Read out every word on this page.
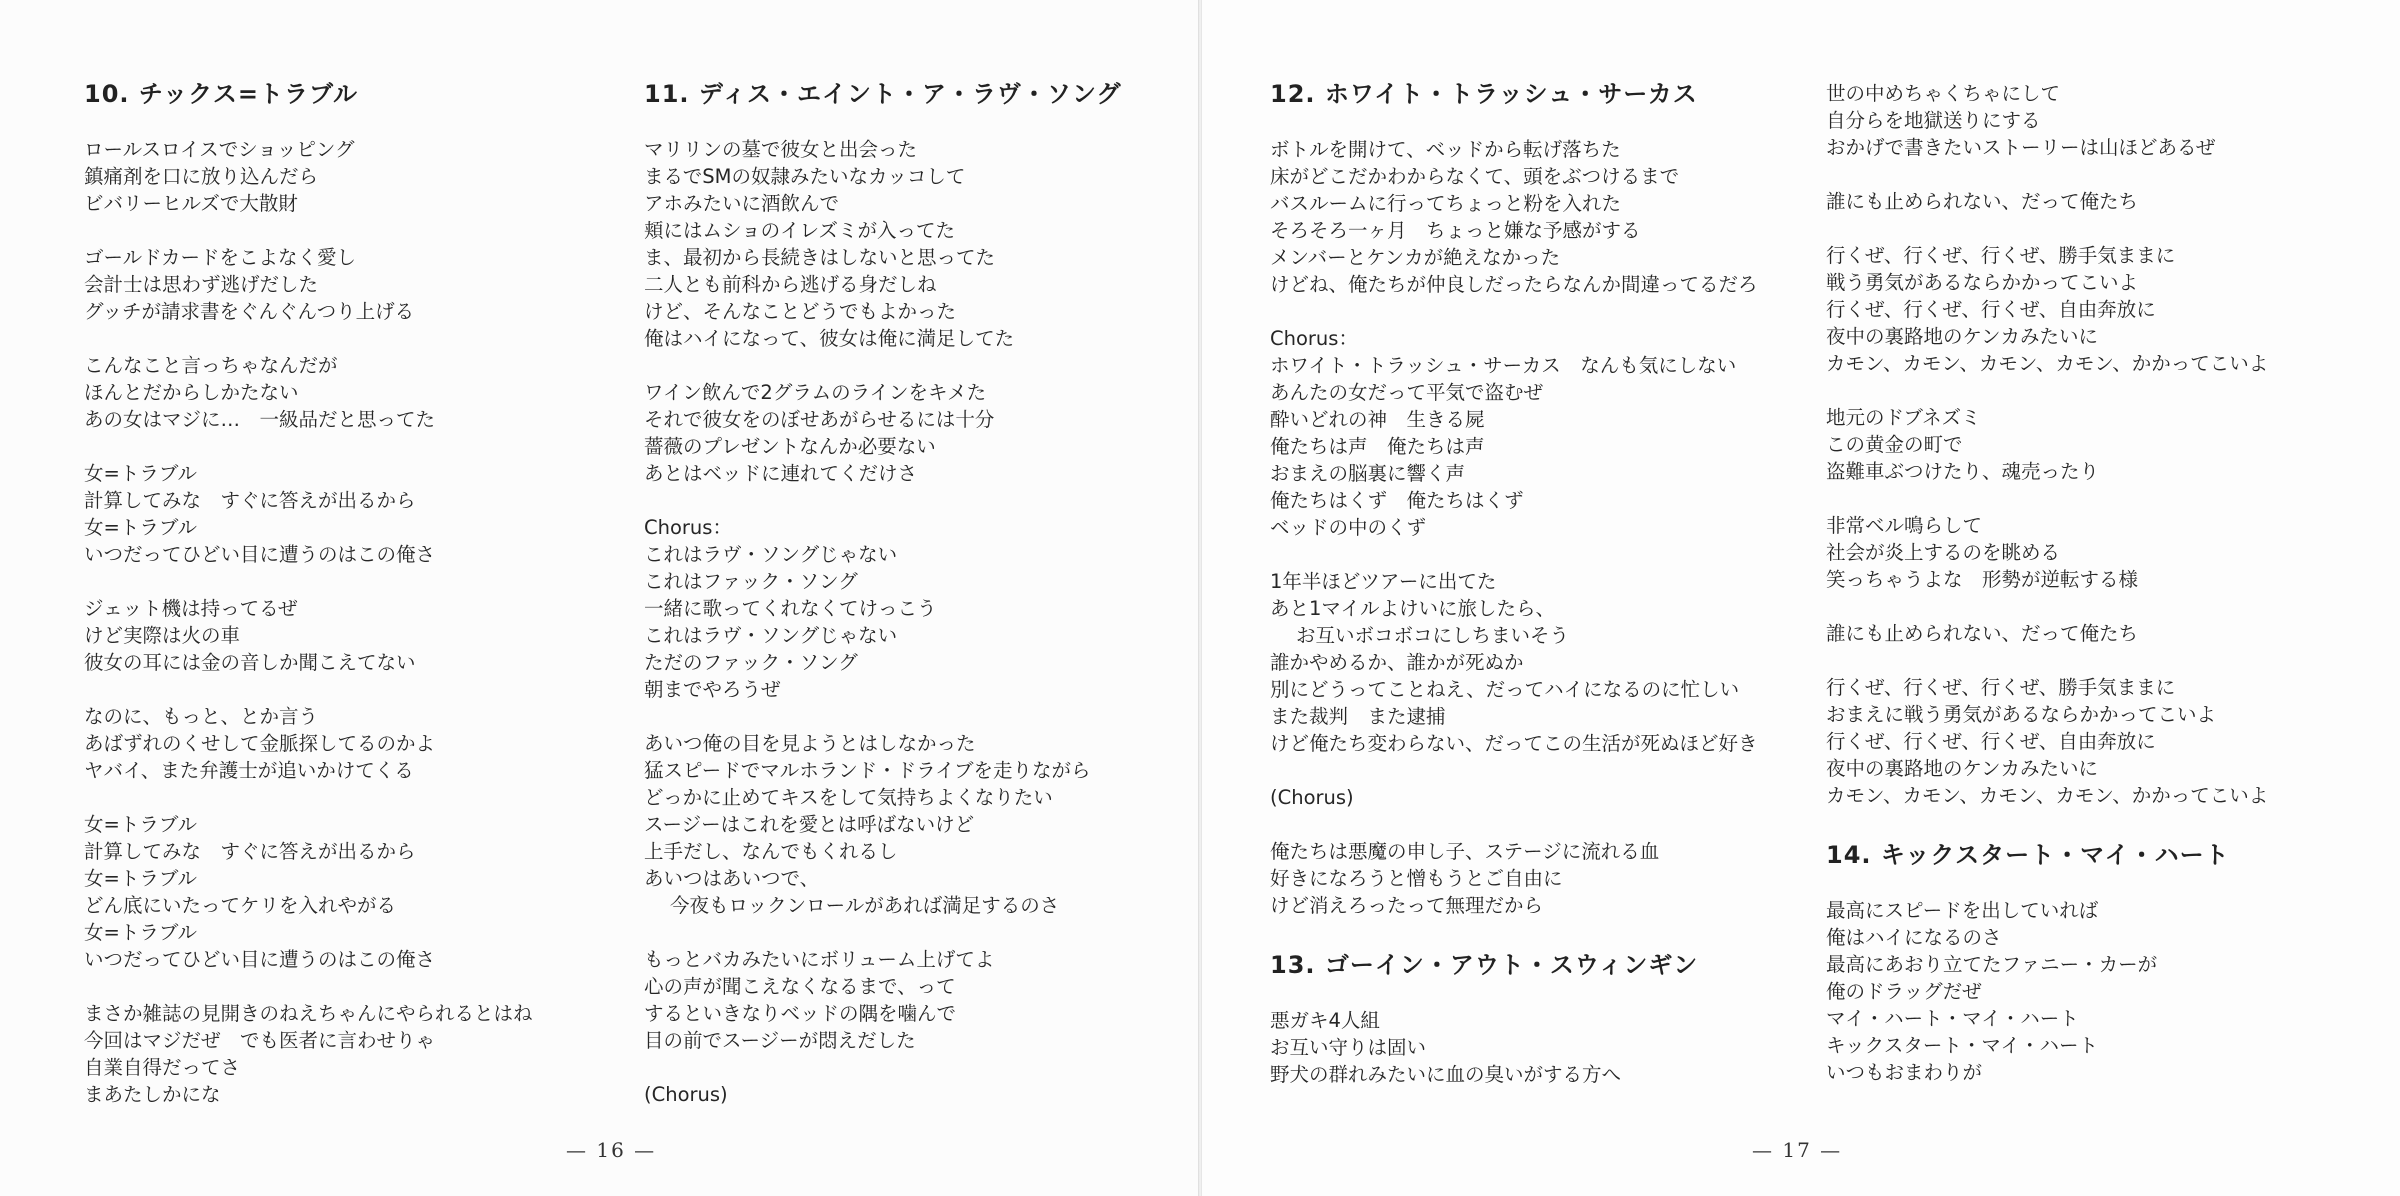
10. チックス=トラブル
ロールスロイスでショッピング
鎮痛剤を口に放り込んだら
ビバリーヒルズで大散財
ゴールドカードをこよなく愛し
会計士は思わず逃げだした
グッチが請求書をぐんぐんつり上げる
こんなこと言っちゃなんだが
ほんとだからしかたない
あの女はマジに…　一級品だと思ってた
女=トラブル
計算してみな　すぐに答えが出るから
女=トラブル
いつだってひどい目に遭うのはこの俺さ
ジェット機は持ってるぜ
けど実際は火の車
彼女の耳には金の音しか聞こえてない
なのに、もっと、とか言う
あばずれのくせして金脈探してるのかよ
ヤバイ、また弁護士が追いかけてくる
女=トラブル
計算してみな　すぐに答えが出るから
女=トラブル
どん底にいたってケリを入れやがる
女=トラブル
いつだってひどい目に遭うのはこの俺さ
まさか雑誌の見開きのねえちゃんにやられるとはね
今回はマジだぜ　でも医者に言わせりゃ
自業自得だってさ
まあたしかにな
11. ディス・エイント・ア・ラヴ・ソング
マリリンの墓で彼女と出会った
まるでSMの奴隷みたいなカッコして
アホみたいに酒飲んで
頬にはムショのイレズミが入ってた
ま、最初から長続きはしないと思ってた
二人とも前科から逃げる身だしね
けど、そんなことどうでもよかった
俺はハイになって、彼女は俺に満足してた
ワイン飲んで2グラムのラインをキメた
それで彼女をのぼせあがらせるには十分
薔薇のプレゼントなんか必要ない
あとはベッドに連れてくだけさ
Chorus：
これはラヴ・ソングじゃない
これはファック・ソング
一緒に歌ってくれなくてけっこう
これはラヴ・ソングじゃない
ただのファック・ソング
朝までやろうぜ
あいつ俺の目を見ようとはしなかった
猛スピードでマルホランド・ドライブを走りながら
どっかに止めてキスをして気持ちよくなりたい
スージーはこれを愛とは呼ばないけど
上手だし、なんでもくれるし
あいつはあいつで、
今夜もロックンロールがあれば満足するのさ
もっとバカみたいにボリューム上げてよ
心の声が聞こえなくなるまで、って
するといきなりベッドの隅を噛んで
目の前でスージーが悶えだした
(Chorus)
— 16 —
12. ホワイト・トラッシュ・サーカス
ボトルを開けて、ベッドから転げ落ちた
床がどこだかわからなくて、頭をぶつけるまで
バスルームに行ってちょっと粉を入れた
そろそろ一ヶ月　ちょっと嫌な予感がする
メンバーとケンカが絶えなかった
けどね、俺たちが仲良しだったらなんか間違ってるだろ
Chorus：
ホワイト・トラッシュ・サーカス　なんも気にしない
あんたの女だって平気で盗むぜ
酔いどれの神　生きる屍
俺たちは声　俺たちは声
おまえの脳裏に響く声
俺たちはくず　俺たちはくず
ベッドの中のくず
1年半ほどツアーに出てた
あと1マイルよけいに旅したら、
お互いボコボコにしちまいそう
誰かやめるか、誰かが死ぬか
別にどうってことねえ、だってハイになるのに忙しい
また裁判　また逮捕
けど俺たち変わらない、だってこの生活が死ぬほど好き
(Chorus)
俺たちは悪魔の申し子、ステージに流れる血
好きになろうと憎もうとご自由に
けど消えろったって無理だから
13. ゴーイン・アウト・スウィンギン
悪ガキ4人組
お互い守りは固い
野犬の群れみたいに血の臭いがする方へ
世の中めちゃくちゃにして
自分らを地獄送りにする
おかげで書きたいストーリーは山ほどあるぜ
誰にも止められない、だって俺たち
行くぜ、行くぜ、行くぜ、勝手気ままに
戦う勇気があるならかかってこいよ
行くぜ、行くぜ、行くぜ、自由奔放に
夜中の裏路地のケンカみたいに
カモン、カモン、カモン、カモン、かかってこいよ
地元のドブネズミ
この黄金の町で
盗難車ぶつけたり、魂売ったり
非常ベル鳴らして
社会が炎上するのを眺める
笑っちゃうよな　形勢が逆転する様
誰にも止められない、だって俺たち
行くぜ、行くぜ、行くぜ、勝手気ままに
おまえに戦う勇気があるならかかってこいよ
行くぜ、行くぜ、行くぜ、自由奔放に
夜中の裏路地のケンカみたいに
カモン、カモン、カモン、カモン、かかってこいよ
14. キックスタート・マイ・ハート
最高にスピードを出していれば
俺はハイになるのさ
最高にあおり立てたファニー・カーが
俺のドラッグだぜ
マイ・ハート・マイ・ハート
キックスタート・マイ・ハート
いつもおまわりが
— 17 —
